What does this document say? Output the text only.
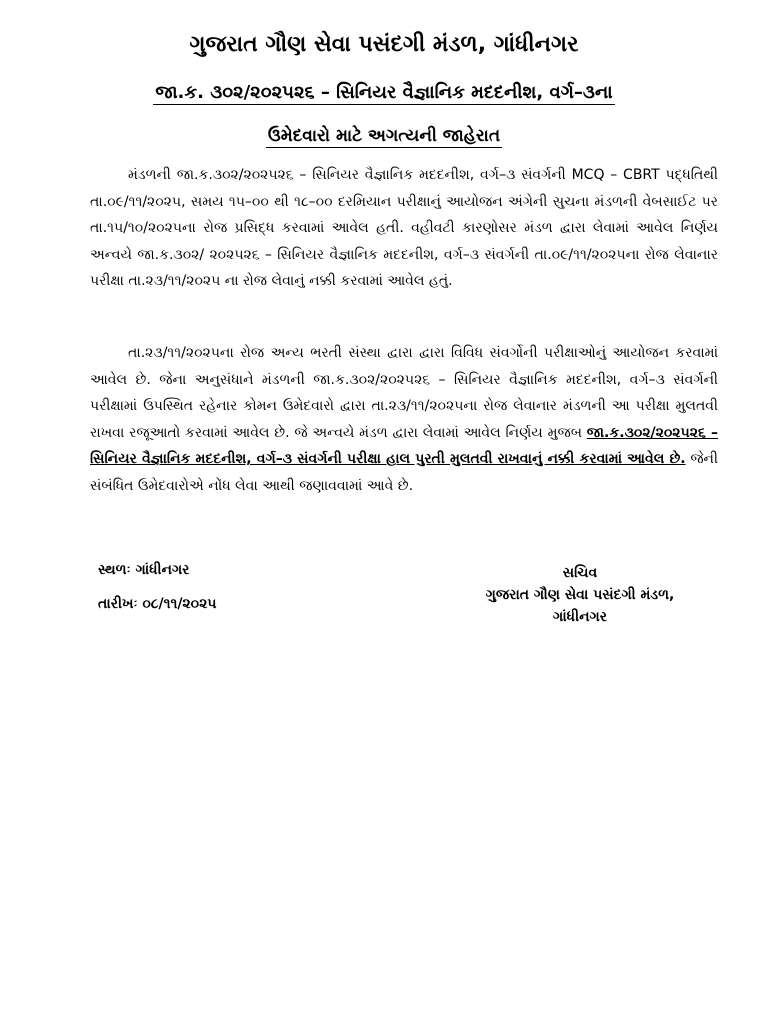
ગુજરાત ગૌણ સેવા પસંદગી મંડળ, ગાંધીનગર
જા.ક. ૩૦૨/૨૦૨૫૨૬ – સિનિયર વૈજ્ઞાનિક મદદનીશ, વર્ગ–૩ના
ઉમેદવારો માટે અગત્યની જાહેરાત

મંડળની જા.ક.૩૦૨/૨૦૨૫૨૬ – સિનિયર વૈજ્ઞાનિક મદદનીશ, વર્ગ–૩ સંવર્ગની MCQ – CBRT પદ્ધતિથી તા.૦૯/૧૧/૨૦૨૫, સમય ૧૫–૦૦ થી ૧૮–૦૦ દરમિયાન પરીક્ષાનું આયોજન અંગેની સુચના મંડળની વેબસાઈટ પર તા.૧૫/૧૦/૨૦૨૫ના રોજ પ્રસિદ્ધ કરવામાં આવેલ હતી. વહીવટી કારણોસર મંડળ દ્વારા લેવામાં આવેલ નિર્ણય અન્વયે જા.ક.૩૦૨/ ૨૦૨૫૨૬ – સિનિયર વૈજ્ઞાનિક મદદનીશ, વર્ગ–૩ સંવર્ગની તા.૦૯/૧૧/૨૦૨૫ના રોજ લેવાનાર પરીક્ષા તા.૨૩/૧૧/૨૦૨૫ ના રોજ લેવાનું નક્કી કરવામાં આવેલ હતું.

તા.૨૩/૧૧/૨૦૨૫ના રોજ અન્ય ભરતી સંસ્થા દ્વારા દ્વારા વિવિધ સંવર્ગોની પરીક્ષાઓનું આયોજન કરવામાં આવેલ છે. જેના અનુસંધાને મંડળની જા.ક.૩૦૨/૨૦૨૫૨૬ – સિનિયર વૈજ્ઞાનિક મદદનીશ, વર્ગ–૩ સંવર્ગની પરીક્ષામાં ઉપસ્થિત રહેનાર કોમન ઉમેદવારો દ્વારા તા.૨૩/૧૧/૨૦૨૫ના રોજ લેવાનાર મંડળની આ પરીક્ષા મુલતવી રાખવા રજૂઆતો કરવામાં આવેલ છે. જે અન્વયે મંડળ દ્વારા લેવામાં આવેલ નિર્ણય મુજબ જા.ક.૩૦૨/૨૦૨૫૨૬ – સિનિયર વૈજ્ઞાનિક મદદનીશ, વર્ગ–૩ સંવર્ગની પરીક્ષા હાલ પુરતી મુલતવી રાખવાનું નક્કી કરવામાં આવેલ છે. જેની સંબંધિત ઉમેદવારોએ નોંધ લેવા આથી જણાવવામાં આવે છે.

સ્થળઃ ગાંધીનગર
તારીખઃ ૦૮/૧૧/૨૦૨૫
સચિવ
ગુજરાત ગૌણ સેવા પસંદગી મંડળ,
ગાંધીનગર
